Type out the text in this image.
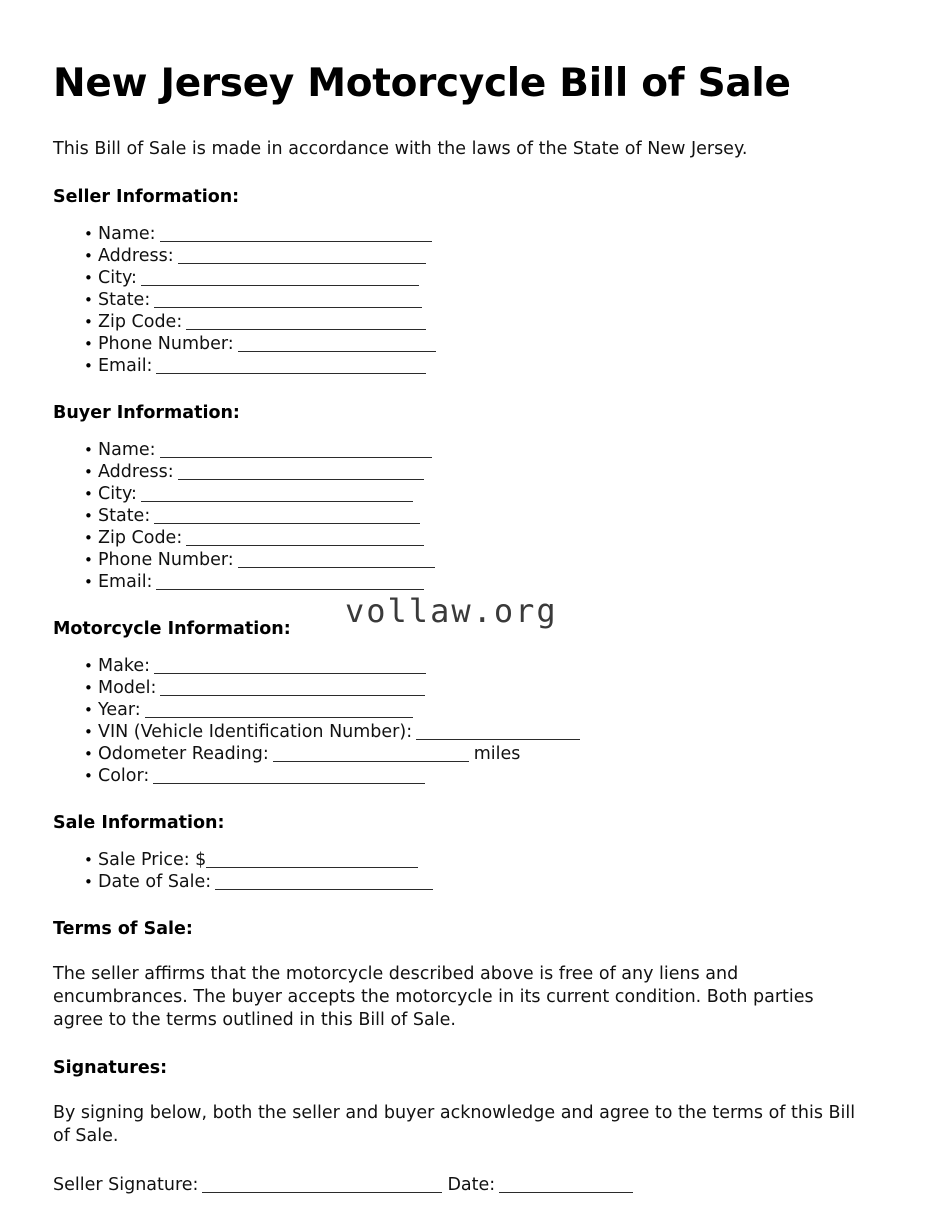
New Jersey Motorcycle Bill of Sale

This Bill of Sale is made in accordance with the laws of the State of New Jersey.

Seller Information:
• Name:
• Address:
• City:
• State:
• Zip Code:
• Phone Number:
• Email:
Buyer Information:
• Name:
• Address:
• City:
• State:
• Zip Code:
• Phone Number:
• Email:
Motorcycle Information:
• Make:
• Model:
• Year:
• VIN (Vehicle Identification Number):
• Odometer Reading:	miles
• Color:
Sale Information:
• Sale Price: $
• Date of Sale:
Terms of Sale:

The seller affirms that the motorcycle described above is free of any liens and encumbrances. The buyer accepts the motorcycle in its current condition. Both parties agree to the terms outlined in this Bill of Sale.

Signatures:

By signing below, both the seller and buyer acknowledge and agree to the terms of this Bill of Sale.

Seller Signature:	Date:

vollaw.org
